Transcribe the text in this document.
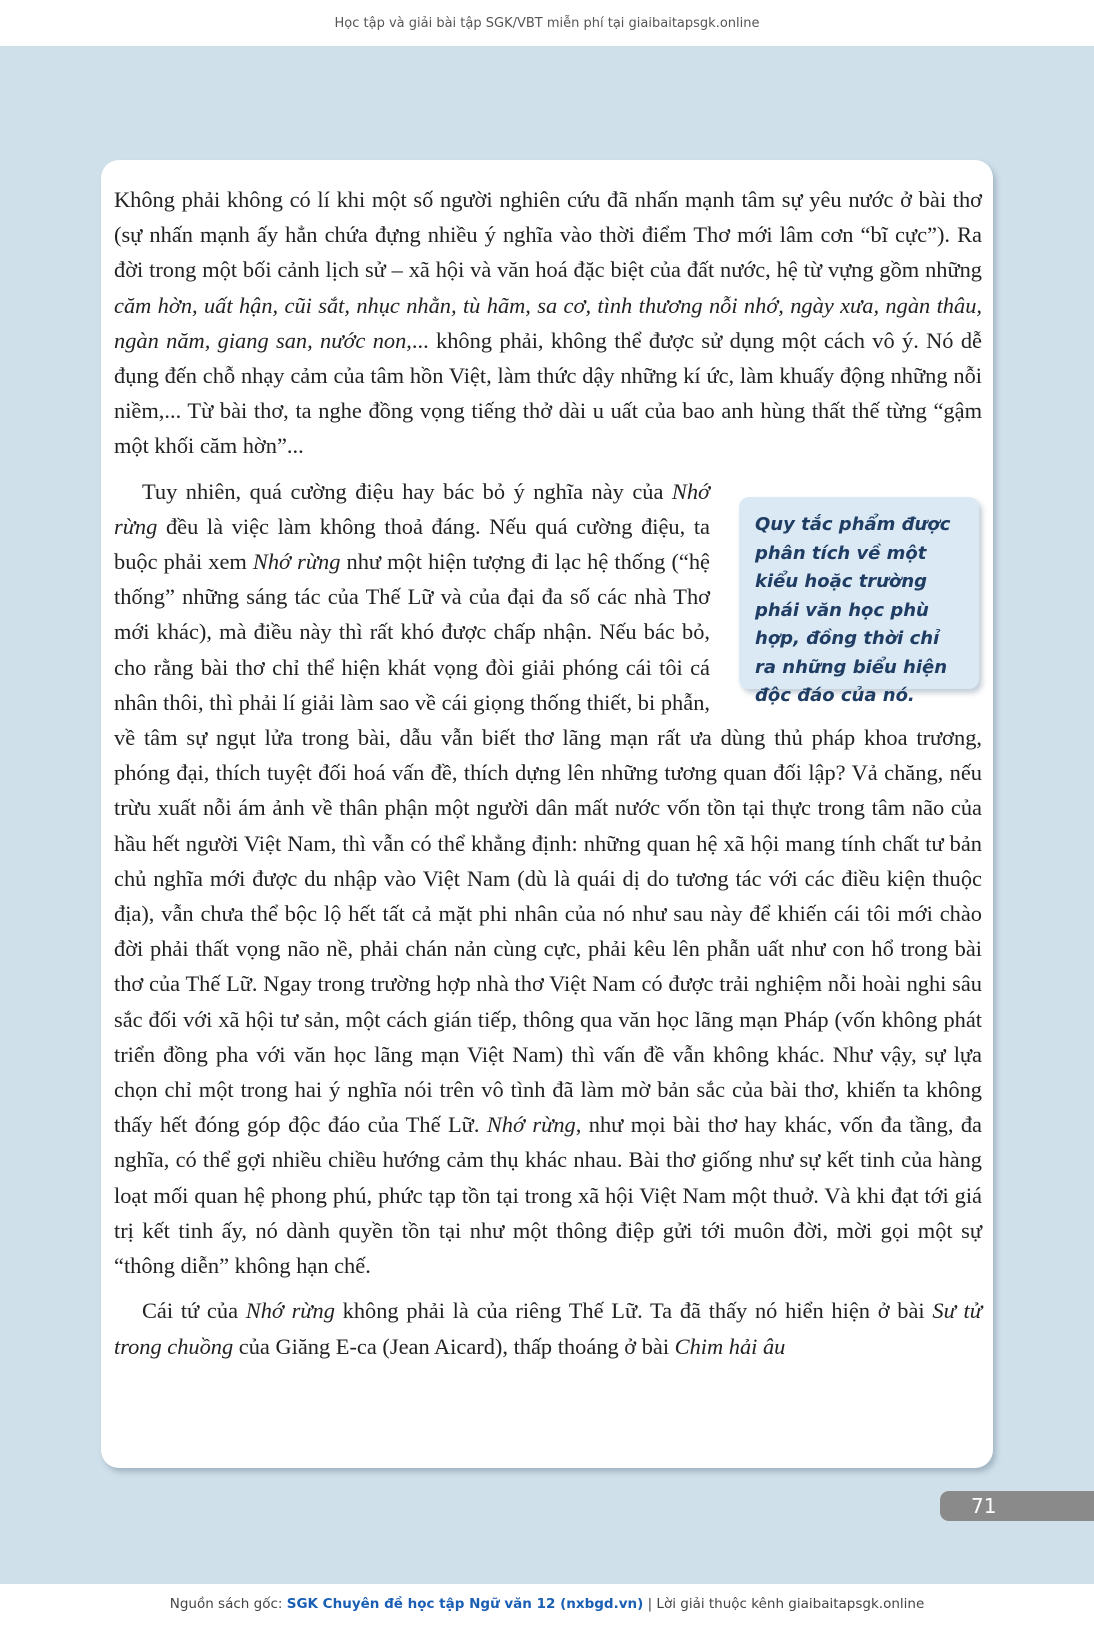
Học tập và giải bài tập SGK/VBT miễn phí tại giaibaitapsgk.online

Không phải không có lí khi một số người nghiên cứu đã nhấn mạnh tâm sự yêu nước ở bài thơ (sự nhấn mạnh ấy hẳn chứa đựng nhiều ý nghĩa vào thời điểm Thơ mới lâm cơn “bĩ cực”). Ra đời trong một bối cảnh lịch sử – xã hội và văn hoá đặc biệt của đất nước, hệ từ vựng gồm những căm hờn, uất hận, cũi sắt, nhục nhằn, tù hãm, sa cơ, tình thương nỗi nhớ, ngày xưa, ngàn thâu, ngàn năm, giang san, nước non,... không phải, không thể được sử dụng một cách vô ý. Nó dễ đụng đến chỗ nhạy cảm của tâm hồn Việt, làm thức dậy những kí ức, làm khuấy động những nỗi niềm,... Từ bài thơ, ta nghe đồng vọng tiếng thở dài u uất của bao anh hùng thất thế từng “gậm một khối căm hờn”...

Tuy nhiên, quá cường điệu hay bác bỏ ý nghĩa này của Nhớ rừng đều là việc làm không thoả đáng. Nếu quá cường điệu, ta buộc phải xem Nhớ rừng như một hiện tượng đi lạc hệ thống (“hệ thống” những sáng tác của Thế Lữ và của đại đa số các nhà Thơ mới khác), mà điều này thì rất khó được chấp nhận. Nếu bác bỏ, cho rằng bài thơ chỉ thể hiện khát vọng đòi giải phóng cái tôi cá nhân thôi, thì phải lí giải làm sao về cái giọng thống thiết, bi phẫn, về tâm sự ngụt lửa trong bài, dẫu vẫn biết thơ lãng mạn rất ưa dùng thủ pháp khoa trương, phóng đại, thích tuyệt đối hoá vấn đề, thích dựng lên những tương quan đối lập? Vả chăng, nếu trừu xuất nỗi ám ảnh về thân phận một người dân mất nước vốn tồn tại thực trong tâm não của hầu hết người Việt Nam, thì vẫn có thể khẳng định: những quan hệ xã hội mang tính chất tư bản chủ nghĩa mới được du nhập vào Việt Nam (dù là quái dị do tương tác với các điều kiện thuộc địa), vẫn chưa thể bộc lộ hết tất cả mặt phi nhân của nó như sau này để khiến cái tôi mới chào đời phải thất vọng não nề, phải chán nản cùng cực, phải kêu lên phẫn uất như con hổ trong bài thơ của Thế Lữ. Ngay trong trường hợp nhà thơ Việt Nam có được trải nghiệm nỗi hoài nghi sâu sắc đối với xã hội tư sản, một cách gián tiếp, thông qua văn học lãng mạn Pháp (vốn không phát triển đồng pha với văn học lãng mạn Việt Nam) thì vấn đề vẫn không khác. Như vậy, sự lựa chọn chỉ một trong hai ý nghĩa nói trên vô tình đã làm mờ bản sắc của bài thơ, khiến ta không thấy hết đóng góp độc đáo của Thế Lữ. Nhớ rừng, như mọi bài thơ hay khác, vốn đa tầng, đa nghĩa, có thể gợi nhiều chiều hướng cảm thụ khác nhau. Bài thơ giống như sự kết tinh của hàng loạt mối quan hệ phong phú, phức tạp tồn tại trong xã hội Việt Nam một thuở. Và khi đạt tới giá trị kết tinh ấy, nó dành quyền tồn tại như một thông điệp gửi tới muôn đời, mời gọi một sự “thông diễn” không hạn chế.

Cái tứ của Nhớ rừng không phải là của riêng Thế Lữ. Ta đã thấy nó hiển hiện ở bài Sư tử trong chuồng của Giăng E-ca (Jean Aicard), thấp thoáng ở bài Chim hải âu

Quy tắc phẩm được phân tích về một kiểu hoặc trường phái văn học phù hợp, đồng thời chỉ ra những biểu hiện độc đáo của nó.
71
Nguồn sách gốc: SGK Chuyên đề học tập Ngữ văn 12 (nxbgd.vn) | Lời giải thuộc kênh giaibaitapsgk.online
